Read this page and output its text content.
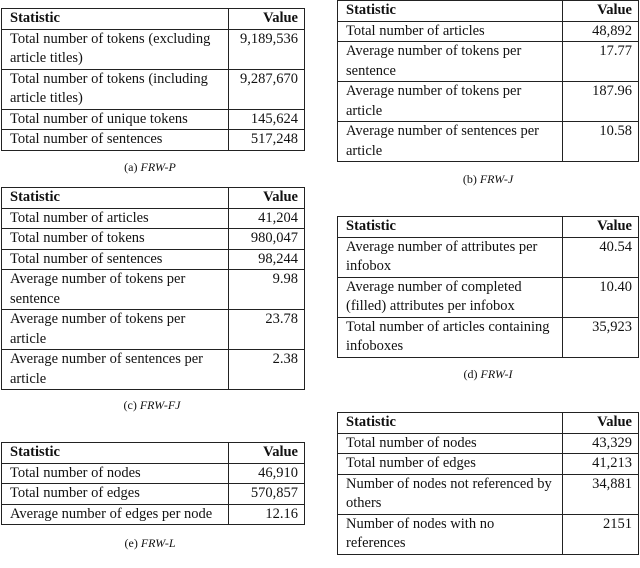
Statistic	Value
Total number of tokens (excluding article titles)	9,189,536
Total number of tokens (including article titles)	9,287,670
Total number of unique tokens	145,624
Total number of sentences	517,248
(a) FRW-P
Statistic	Value
Total number of articles	48,892
Average number of tokens per sentence	17.77
Average number of tokens per article	187.96
Average number of sentences per article	10.58
(b) FRW-J
Statistic	Value
Total number of articles	41,204
Total number of tokens	980,047
Total number of sentences	98,244
Average number of tokens per sentence	9.98
Average number of tokens per article	23.78
Average number of sentences per article	2.38
(c) FRW-FJ
Statistic	Value
Average number of attributes per infobox	40.54
Average number of completed (filled) attributes per infobox	10.40
Total number of articles containing infoboxes	35,923
(d) FRW-I
Statistic	Value
Total number of nodes	46,910
Total number of edges	570,857
Average number of edges per node	12.16
(e) FRW-L
Statistic	Value
Total number of nodes	43,329
Total number of edges	41,213
Number of nodes not referenced by others	34,881
Number of nodes with no references	2151
